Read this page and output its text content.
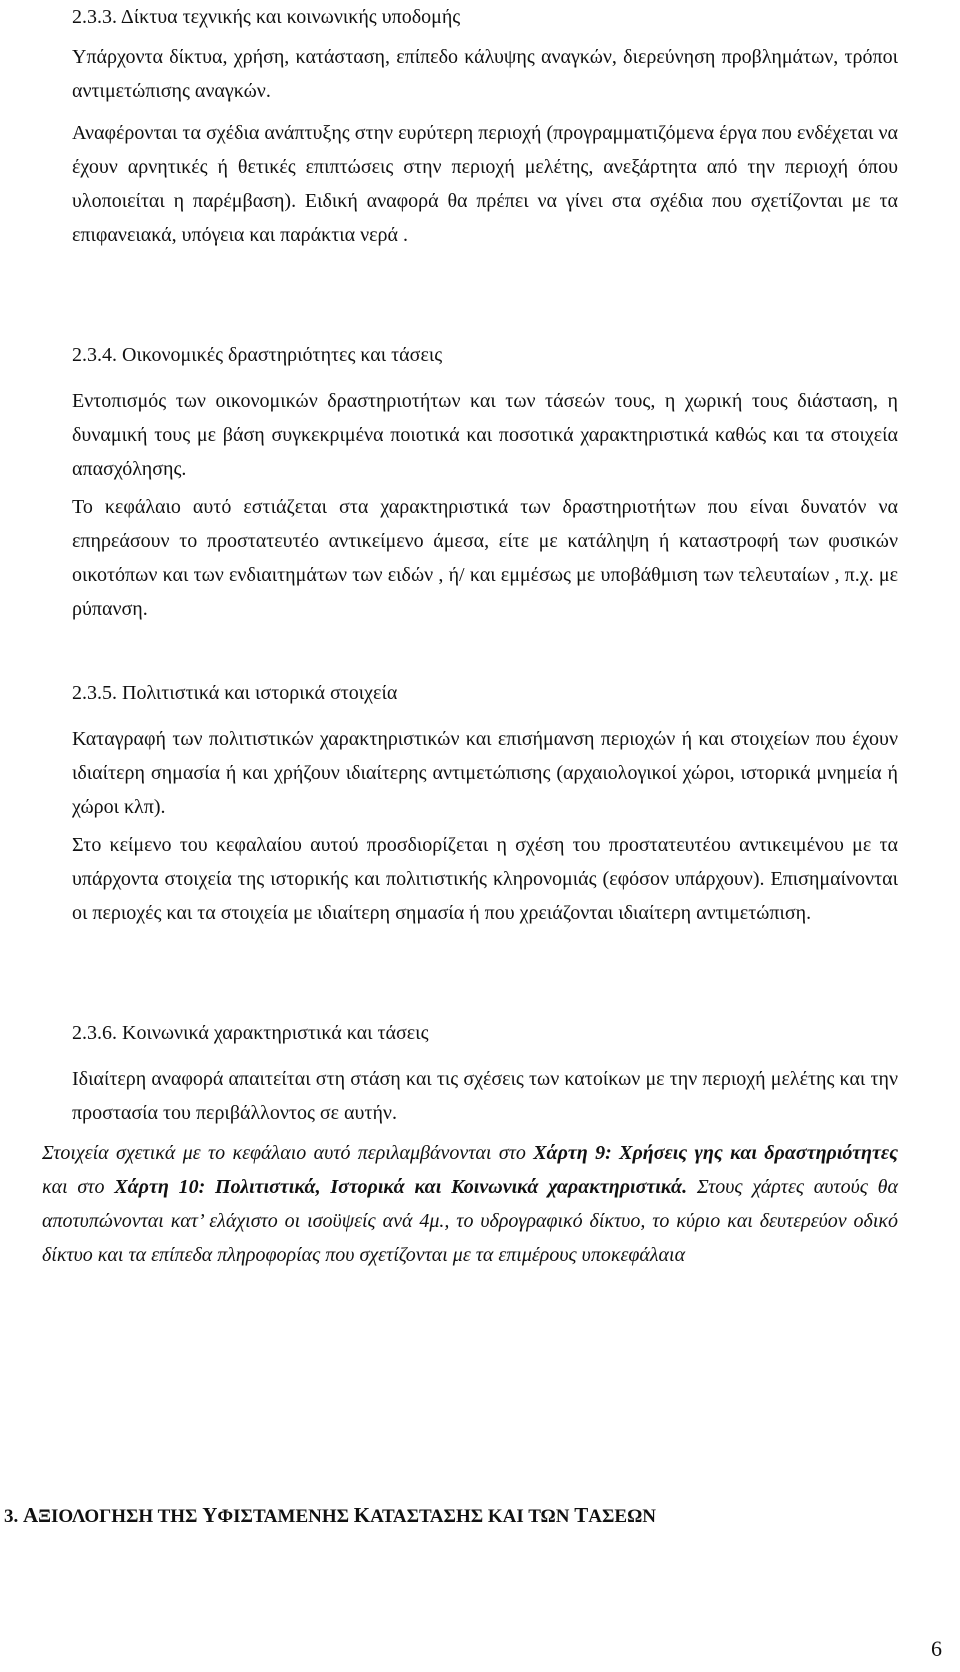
2.3.3. Δίκτυα τεχνικής και κοινωνικής υποδομής

Υπάρχοντα δίκτυα, χρήση, κατάσταση, επίπεδο κάλυψης αναγκών, διερεύνηση προβλημάτων, τρόποι αντιμετώπισης αναγκών.

Αναφέρονται τα σχέδια ανάπτυξης στην ευρύτερη περιοχή (προγραμματιζόμενα έργα που ενδέχεται να έχουν αρνητικές ή θετικές επιπτώσεις στην περιοχή μελέτης, ανεξάρτητα από την περιοχή όπου υλοποιείται η παρέμβαση). Ειδική αναφορά θα πρέπει να γίνει στα σχέδια που σχετίζονται με τα επιφανειακά, υπόγεια και παράκτια νερά .

2.3.4. Οικονομικές δραστηριότητες και τάσεις

Εντοπισμός των οικονομικών δραστηριοτήτων και των τάσεών τους, η χωρική τους διάσταση, η δυναμική τους με βάση συγκεκριμένα ποιοτικά και ποσοτικά χαρακτηριστικά καθώς και τα στοιχεία απασχόλησης.

Το κεφάλαιο αυτό εστιάζεται στα χαρακτηριστικά των δραστηριοτήτων που είναι δυνατόν να επηρεάσουν το προστατευτέο αντικείμενο άμεσα, είτε με κατάληψη ή καταστροφή των φυσικών οικοτόπων και των ενδιαιτημάτων των ειδών , ή/ και εμμέσως με υποβάθμιση των τελευταίων , π.χ. με ρύπανση.

2.3.5. Πολιτιστικά και ιστορικά στοιχεία

Καταγραφή των πολιτιστικών χαρακτηριστικών και επισήμανση περιοχών ή και στοιχείων που έχουν ιδιαίτερη σημασία ή και χρήζουν ιδιαίτερης αντιμετώπισης (αρχαιολογικοί χώροι, ιστορικά μνημεία ή χώροι κλπ).

Στο κείμενο του κεφαλαίου αυτού προσδιορίζεται η σχέση του προστατευτέου αντικειμένου με τα υπάρχοντα στοιχεία της ιστορικής και πολιτιστικής κληρονομιάς (εφόσον υπάρχουν). Επισημαίνονται οι περιοχές και τα στοιχεία με ιδιαίτερη σημασία ή που χρειάζονται ιδιαίτερη αντιμετώπιση.

2.3.6. Κοινωνικά χαρακτηριστικά και τάσεις

Ιδιαίτερη αναφορά απαιτείται στη στάση και τις σχέσεις των κατοίκων με την περιοχή μελέτης και την προστασία του περιβάλλοντος σε αυτήν.

Στοιχεία σχετικά με το κεφάλαιο αυτό περιλαμβάνονται στο Χάρτη 9: Χρήσεις γης και δραστηριότητες και στο Χάρτη 10: Πολιτιστικά, Ιστορικά και Κοινωνικά χαρακτηριστικά. Στους χάρτες αυτούς θα αποτυπώνονται κατ’ ελάχιστο οι ισοϋψείς ανά 4μ., το υδρογραφικό δίκτυο, το κύριο και δευτερεύον οδικό δίκτυο και τα επίπεδα πληροφορίας που σχετίζονται με τα επιμέρους υποκεφάλαια

3. ΑΞΙΟΛΟΓΗΣΗ ΤΗΣ ΥΦΙΣΤΑΜΕΝΗΣ ΚΑΤΑΣΤΑΣΗΣ ΚΑΙ ΤΩΝ ΤΑΣΕΩΝ
6
